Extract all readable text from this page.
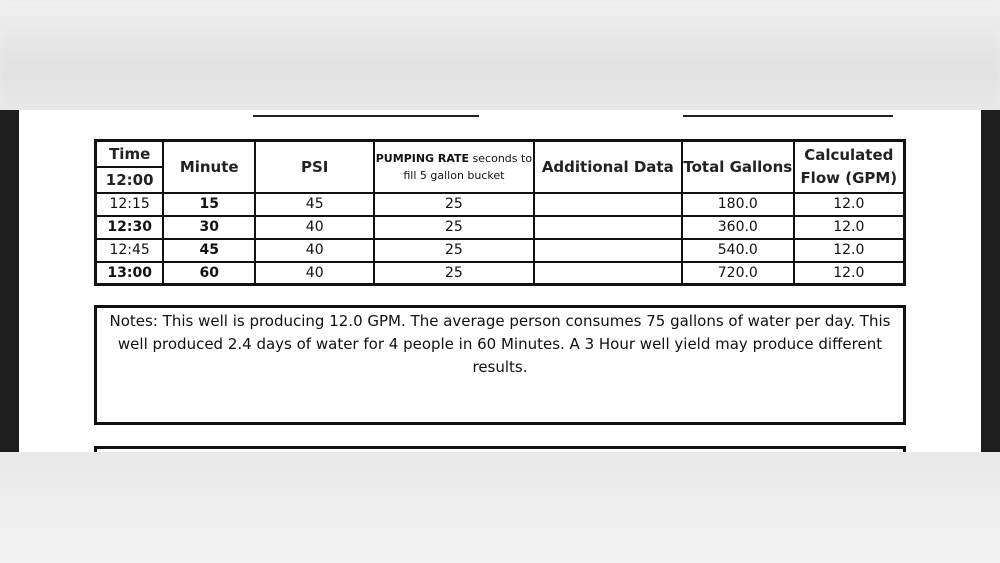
Time	Minute	PSI	PUMPING RATE seconds to fill 5 gallon bucket	Additional Data	Total Gallons	Calculated Flow (GPM)
12:00						
12:15	15	45	25		180.0	12.0
12:30	30	40	25		360.0	12.0
12:45	45	40	25		540.0	12.0
13:00	60	40	25		720.0	12.0
Notes: This well is producing 12.0 GPM. The average person consumes 75 gallons of water per day. This well produced 2.4 days of water for 4 people in 60 Minutes. A 3 Hour well yield may produce different results.
